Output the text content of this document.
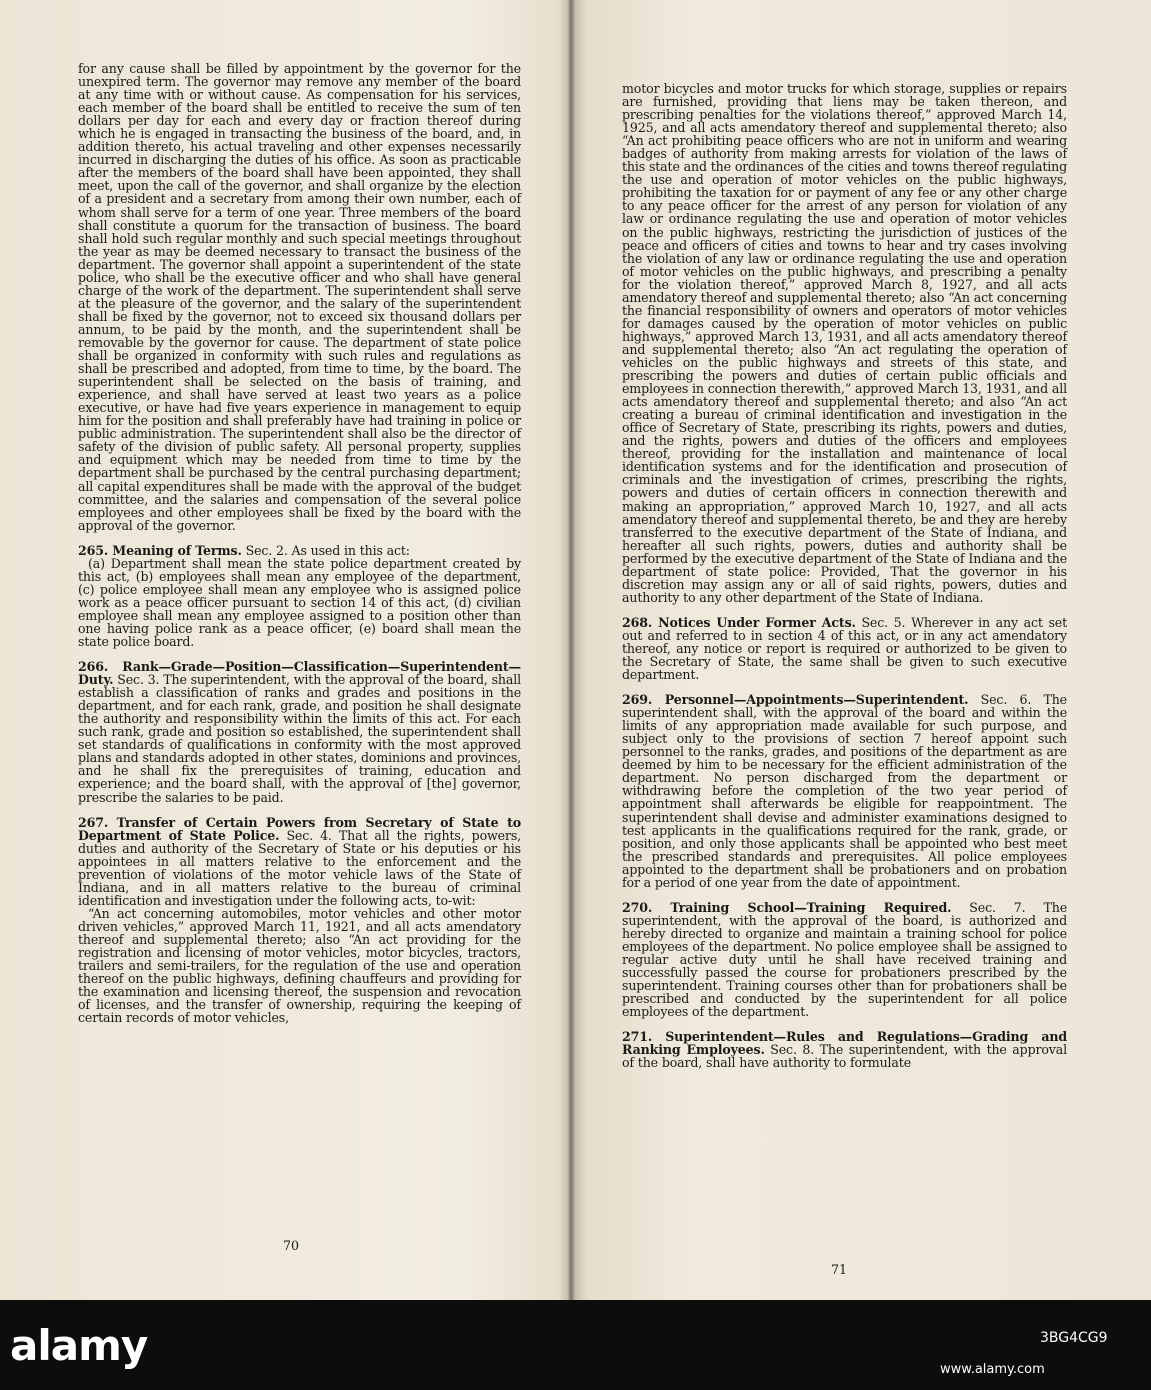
for any cause shall be filled by appointment by the governor for the unexpired term. The governor may remove any member of the board at any time with or without cause. As compensation for his services, each member of the board shall be entitled to receive the sum of ten dollars per day for each and every day or fraction thereof during which he is engaged in transacting the business of the board, and, in addition thereto, his actual traveling and other expenses necessarily incurred in discharging the duties of his office. As soon as practicable after the members of the board shall have been appointed, they shall meet, upon the call of the governor, and shall organize by the election of a president and a secretary from among their own number, each of whom shall serve for a term of one year. Three members of the board shall constitute a quorum for the transaction of business. The board shall hold such regular monthly and such special meetings throughout the year as may be deemed necessary to transact the business of the department. The governor shall appoint a superintendent of the state police, who shall be the executive officer and who shall have general charge of the work of the department. The superintendent shall serve at the pleasure of the governor, and the salary of the superintendent shall be fixed by the governor, not to exceed six thousand dollars per annum, to be paid by the month, and the superintendent shall be removable by the governor for cause. The department of state police shall be organized in conformity with such rules and regulations as shall be prescribed and adopted, from time to time, by the board. The superintendent shall be selected on the basis of training, and experience, and shall have served at least two years as a police executive, or have had five years experience in management to equip him for the position and shall preferably have had training in police or public administration. The superintendent shall also be the director of safety of the division of public safety. All personal property, supplies and equipment which may be needed from time to time by the department shall be purchased by the central purchasing department; all capital expenditures shall be made with the approval of the budget committee, and the salaries and compensation of the several police employees and other employees shall be fixed by the board with the approval of the governor.

265. Meaning of Terms. Sec. 2. As used in this act:

(a) Department shall mean the state police department created by this act, (b) employees shall mean any employee of the department, (c) police employee shall mean any employee who is assigned police work as a peace officer pursuant to section 14 of this act, (d) civilian employee shall mean any employee assigned to a position other than one having police rank as a peace officer, (e) board shall mean the state police board.

266. Rank—Grade—Position—Classification—Superintendent—Duty. Sec. 3. The superintendent, with the approval of the board, shall establish a classification of ranks and grades and positions in the department, and for each rank, grade, and position he shall designate the authority and responsibility within the limits of this act. For each such rank, grade and position so established, the superintendent shall set standards of qualifications in conformity with the most approved plans and standards adopted in other states, dominions and provinces, and he shall fix the prerequisites of training, education and experience; and the board shall, with the approval of [the] governor, prescribe the salaries to be paid.

267. Transfer of Certain Powers from Secretary of State to Department of State Police. Sec. 4. That all the rights, powers, duties and authority of the Secretary of State or his deputies or his appointees in all matters relative to the enforcement and the prevention of violations of the motor vehicle laws of the State of Indiana, and in all matters relative to the bureau of criminal identification and investigation under the following acts, to-wit:

“An act concerning automobiles, motor vehicles and other motor driven vehicles,” approved March 11, 1921, and all acts amendatory thereof and supplemental thereto; also “An act providing for the registration and licensing of motor vehicles, motor bicycles, tractors, trailers and semi-trailers, for the regulation of the use and operation thereof on the public highways, defining chauffeurs and providing for the examination and licensing thereof, the suspension and revocation of licenses, and the transfer of ownership, requiring the keeping of certain records of motor vehicles,

70

motor bicycles and motor trucks for which storage, supplies or repairs are furnished, providing that liens may be taken thereon, and prescribing penalties for the violations thereof,” approved March 14, 1925, and all acts amendatory thereof and supplemental thereto; also “An act prohibiting peace officers who are not in uniform and wearing badges of authority from making arrests for violation of the laws of this state and the ordinances of the cities and towns thereof regulating the use and operation of motor vehicles on the public highways, prohibiting the taxation for or payment of any fee or any other charge to any peace officer for the arrest of any person for violation of any law or ordinance regulating the use and operation of motor vehicles on the public highways, restricting the jurisdiction of justices of the peace and officers of cities and towns to hear and try cases involving the violation of any law or ordinance regulating the use and operation of motor vehicles on the public highways, and prescribing a penalty for the violation thereof,” approved March 8, 1927, and all acts amendatory thereof and supplemental thereto; also “An act concerning the financial responsibility of owners and operators of motor vehicles for damages caused by the operation of motor vehicles on public highways,” approved March 13, 1931, and all acts amendatory thereof and supplemental thereto; also “An act regulating the operation of vehicles on the public highways and streets of this state, and prescribing the powers and duties of certain public officials and employees in connection therewith,” approved March 13, 1931, and all acts amendatory thereof and supplemental thereto; and also “An act creating a bureau of criminal identification and investigation in the office of Secretary of State, prescribing its rights, powers and duties, and the rights, powers and duties of the officers and employees thereof, providing for the installation and maintenance of local identification systems and for the identification and prosecution of criminals and the investigation of crimes, prescribing the rights, powers and duties of certain officers in connection therewith and making an appropriation,” approved March 10, 1927, and all acts amendatory thereof and supplemental thereto, be and they are hereby transferred to the executive department of the State of Indiana, and hereafter all such rights, powers, duties and authority shall be performed by the executive department of the State of Indiana and the department of state police: Provided, That the governor in his discretion may assign any or all of said rights, powers, duties and authority to any other department of the State of Indiana.

268. Notices Under Former Acts. Sec. 5. Wherever in any act set out and referred to in section 4 of this act, or in any act amendatory thereof, any notice or report is required or authorized to be given to the Secretary of State, the same shall be given to such executive department.

269. Personnel—Appointments—Superintendent. Sec. 6. The superintendent shall, with the approval of the board and within the limits of any appropriation made available for such purpose, and subject only to the provisions of section 7 hereof appoint such personnel to the ranks, grades, and positions of the department as are deemed by him to be necessary for the efficient administration of the department. No person discharged from the department or withdrawing before the completion of the two year period of appointment shall afterwards be eligible for reappointment. The superintendent shall devise and administer examinations designed to test applicants in the qualifications required for the rank, grade, or position, and only those applicants shall be appointed who best meet the prescribed standards and prerequisites. All police employees appointed to the department shall be probationers and on probation for a period of one year from the date of appointment.

270. Training School—Training Required. Sec. 7. The superintendent, with the approval of the board, is authorized and hereby directed to organize and maintain a training school for police employees of the department. No police employee shall be assigned to regular active duty until he shall have received training and successfully passed the course for probationers prescribed by the superintendent. Training courses other than for probationers shall be prescribed and conducted by the superintendent for all police employees of the department.

271. Superintendent—Rules and Regulations—Grading and Ranking Employees. Sec. 8. The superintendent, with the approval of the board, shall have authority to formulate

71
alamy	3BG4CG9
www.alamy.com
